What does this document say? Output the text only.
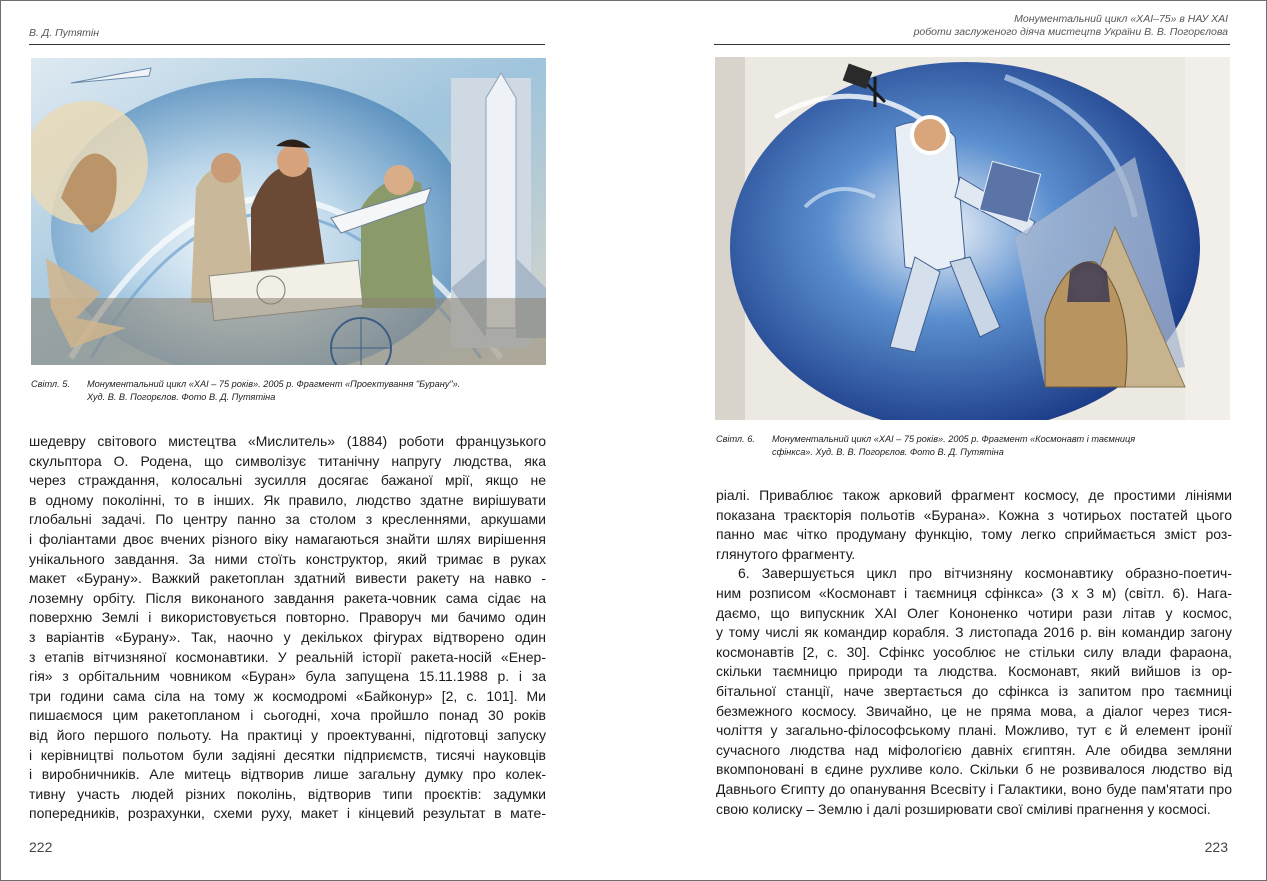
В. Д. Путятін
Світл. 5. Монументальний цикл «ХАІ – 75 років». 2005 р. Фрагмент «Проектування "Бурану"».
Худ. В. В. Погорєлов. Фото В. Д. Путятіна
шедевру світового мистецтва «Мислитель» (1884) роботи французького
скульптора О. Родена, що символізує титанічну напругу людства, яка
через страждання, колосальні зусилля досягає бажаної мрії, якщо не
в одному поколінні, то в інших. Як правило, людство здатне вирішувати
глобальні задачі. По центру панно за столом з кресленнями, аркушами
і фоліантами двоє вчених різного віку намагаються знайти шлях вирішення
унікального завдання. За ними стоїть конструктор, який тримає в руках
макет «Бурану». Важкий ракетоплан здатний вивести ракету на навко -
лоземну орбіту. Після виконаного завдання ракета-човник сама сідає на
поверхню Землі і використовується повторно. Праворуч ми бачимо один
з варіантів «Бурану». Так, наочно у декількох фігурах відтворено один
з етапів вітчизняної космонавтики. У реальній історії ракета-носій «Енер-
гія» з орбітальним човником «Буран» була запущена 15.11.1988 р. і за
три години сама сіла на тому ж космодромі «Байконур» [2, с. 101]. Ми
пишаємося цим ракетопланом і сьогодні, хоча пройшло понад 30 років
від його першого польоту. На практиці у проектуванні, підготовці запуску
і керівництві польотом були задіяні десятки підприємств, тисячі науковців
і виробничників. Але митець відтворив лише загальну думку про колек-
тивну участь людей різних поколінь, відтворив типи проєктів: задумки
попередників, розрахунки, схеми руху, макет і кінцевий результат в мате-
222
Монументальний цикл «ХАІ–75» в НАУ ХАІ
роботи заслуженого діяча мистецтв України В. В. Погорєлова
Світл. 6. Монументальний цикл «ХАІ – 75 років». 2005 р. Фрагмент «Космонавт і таємниця
сфінкса». Худ. В. В. Погорєлов. Фото В. Д. Путятіна
ріалі. Приваблює також арковий фрагмент космосу, де простими лініями
показана траєкторія польотів «Бурана». Кожна з чотирьох постатей цього
панно має чітко продуману функцію, тому легко сприймається зміст роз-
глянутого фрагменту.
6. Завершується цикл про вітчизняну космонавтику образно-поетич-
ним розписом «Космонавт і таємниця сфінкса» (3 х 3 м) (світл. 6). Нага-
даємо, що випускник ХАІ Олег Кононенко чотири рази літав у космос,
у тому числі як командир корабля. З листопада 2016 р. він командир загону
космонавтів [2, с. 30]. Сфінкс уособлює не стільки силу влади фараона,
скільки таємницю природи та людства. Космонавт, який вийшов із ор-
бітальної станції, наче звертається до сфінкса із запитом про таємниці
безмежного космосу. Звичайно, це не пряма мова, а діалог через тися-
чоліття у загально-філософському плані. Можливо, тут є й елемент іронії
сучасного людства над міфологією давніх єгиптян. Але обидва земляни
вкомпоновані в єдине рухливе коло. Скільки б не розвивалося людство від
Давнього Єгипту до опанування Всесвіту і Галактики, воно буде пам'ятати про
свою колиску – Землю і далі розширювати свої сміливі прагнення у космосі.
223
